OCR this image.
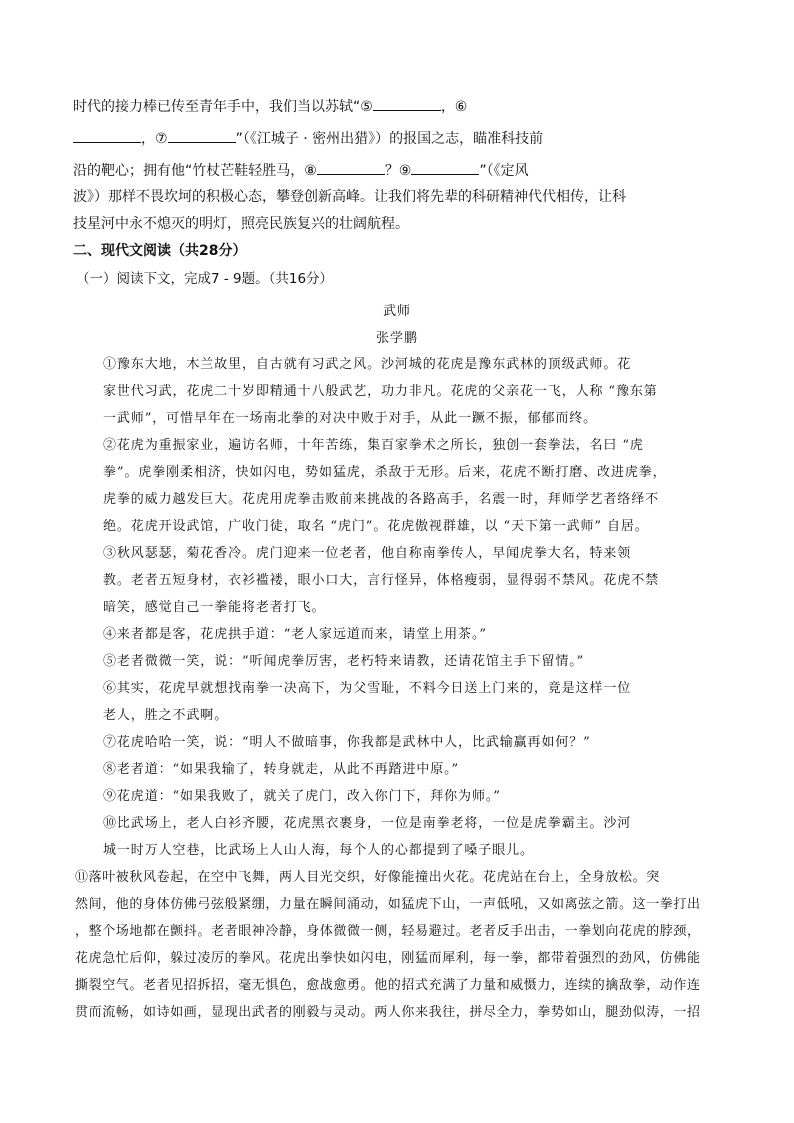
时代的接力棒已传至青年手中，我们当以苏轼“⑤	，⑥
，⑦	”（《江城子 · 密州出猎》）的报国之志，瞄准科技前
沿的靶心；拥有他“竹杖芒鞋轻胜马，⑧	？⑨	”（《定风
波》）那样不畏坎坷的积极心态，攀登创新高峰。让我们将先辈的科研精神代代相传，让科
技星河中永不熄灭的明灯，照亮民族复兴的壮阔航程。
二、现代文阅读（共28分）
（一）阅读下文，完成7 - 9题。（共16分）
武师
张学鹏
①豫东大地，木兰故里，自古就有习武之风。沙河城的花虎是豫东武林的顶级武师。花
家世代习武，花虎二十岁即精通十八般武艺，功力非凡。花虎的父亲花一飞，人称 “豫东第
一武师”，可惜早年在一场南北拳的对决中败于对手，从此一蹶不振，郁郁而终。
②花虎为重振家业，遍访名师，十年苦练，集百家拳术之所长，独创一套拳法，名曰 “虎
拳”。虎拳刚柔相济，快如闪电，势如猛虎，杀敌于无形。后来，花虎不断打磨、改进虎拳，
虎拳的威力越发巨大。花虎用虎拳击败前来挑战的各路高手，名震一时，拜师学艺者络绎不
绝。花虎开设武馆，广收门徒，取名 “虎门”。花虎傲视群雄，以 “天下第一武师” 自居。
③秋风瑟瑟，菊花香冷。虎门迎来一位老者，他自称南拳传人，早闻虎拳大名，特来领
教。老者五短身材，衣衫褴褛，眼小口大，言行怪异，体格瘦弱，显得弱不禁风。花虎不禁
暗笑，感觉自己一拳能将老者打飞。
④来者都是客，花虎拱手道：“老人家远道而来，请堂上用茶。”
⑤老者微微一笑，说：“听闻虎拳厉害，老朽特来请教，还请花馆主手下留情。”
⑥其实，花虎早就想找南拳一决高下，为父雪耻，不料今日送上门来的，竟是这样一位
老人，胜之不武啊。
⑦花虎哈哈一笑，说：“明人不做暗事，你我都是武林中人，比武输赢再如何？”
⑧老者道：“如果我输了，转身就走，从此不再踏进中原。”
⑨花虎道：“如果我败了，就关了虎门，改入你门下，拜你为师。”
⑩比武场上，老人白衫齐腰，花虎黑衣裹身，一位是南拳老将，一位是虎拳霸主。沙河
城一时万人空巷，比武场上人山人海，每个人的心都提到了嗓子眼儿。
⑪落叶被秋风卷起，在空中飞舞，两人目光交织，好像能撞出火花。花虎站在台上，全身放松。突
然间，他的身体仿佛弓弦般紧绷，力量在瞬间涌动，如猛虎下山，一声低吼，又如离弦之箭。这一拳打出
，整个场地都在颤抖。老者眼神冷静，身体微微一侧，轻易避过。老者反手出击，一拳划向花虎的脖颈，
花虎急忙后仰，躲过凌厉的拳风。花虎出拳快如闪电，刚猛而犀利，每一拳，都带着强烈的劲风，仿佛能
撕裂空气。老者见招拆招，毫无惧色，愈战愈勇。他的招式充满了力量和威慑力，连续的擒敌拳，动作连
贯而流畅，如诗如画，显现出武者的刚毅与灵动。两人你来我往，拼尽全力，拳势如山，腿劲似涛，一招
